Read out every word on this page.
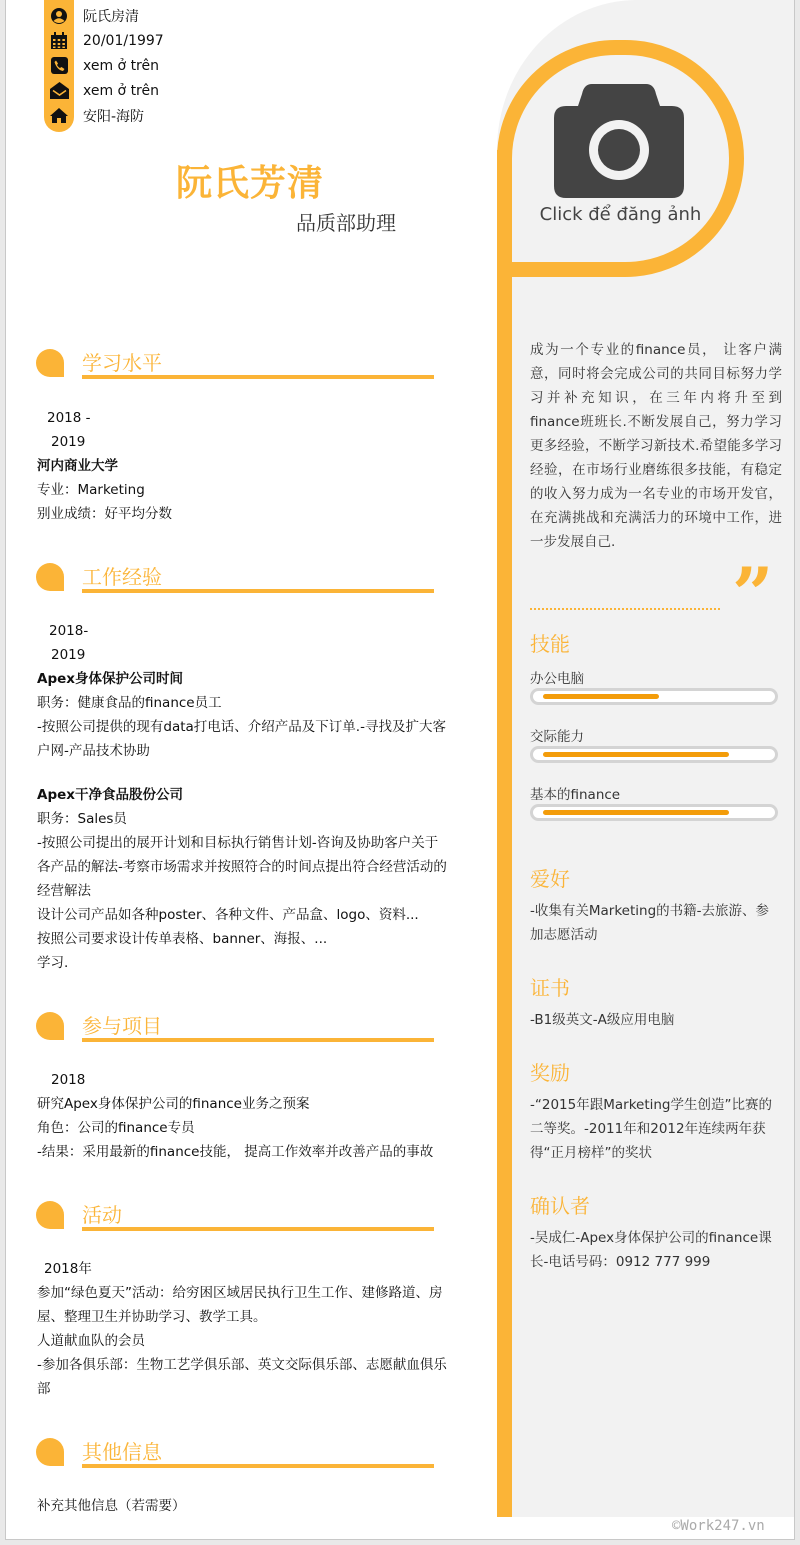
Click để đăng ảnh
阮氏房清
20/01/1997
xem ở trên
xem ở trên
安阳-海防
阮氏芳清
品质部助理
学习水平
2018 -
2019
河内商业大学
专业：Marketing
别业成绩：好平均分数
工作经验
2018-
2019
Apex身体保护公司时间
职务：健康食品的finance员工
-按照公司提供的现有data打电话、介绍产品及下订单.-寻找及扩大客户网-产品技术协助
Apex干净食品股份公司
职务：Sales员
-按照公司提出的展开计划和目标执行销售计划-咨询及协助客户关于各产品的解法-考察市场需求并按照符合的时间点提出符合经营活动的经营解法
设计公司产品如各种poster、各种文件、产品盒、logo、资料...
按照公司要求设计传单表格、banner、海报、...
学习.
参与项目
2018
研究Apex身体保护公司的finance业务之预案
角色：公司的finance专员
-结果：采用最新的finance技能， 提高工作效率并改善产品的事故
活动
2018年
参加“绿色夏天”活动：给穷困区域居民执行卫生工作、建修路道、房屋、整理卫生并协助学习、教学工具。
人道献血队的会员
-参加各俱乐部：生物工艺学俱乐部、英文交际俱乐部、志愿献血俱乐部
其他信息
补充其他信息（若需要）
成为一个专业的finance员， 让客户满意，同时将会完成公司的共同目标努力学习并补充知识，在三年内将升至到finance班班长.不断发展自己，努力学习更多经验，不断学习新技术.希望能多学习经验，在市场行业磨练很多技能，有稳定的收入努力成为一名专业的市场开发官，在充满挑战和充满活力的环境中工作，进一步发展自己.
”
技能
办公电脑
交际能力
基本的finance
爱好
-收集有关Marketing的书籍-去旅游、参加志愿活动
证书
-B1级英文-A级应用电脑
奖励
-“2015年跟Marketing学生创造”比赛的二等奖。-2011年和2012年连续两年获得“正月榜样”的奖状
确认者
-吴成仁-Apex身体保护公司的finance课长-电话号码：0912 777 999
©Work247.vn
